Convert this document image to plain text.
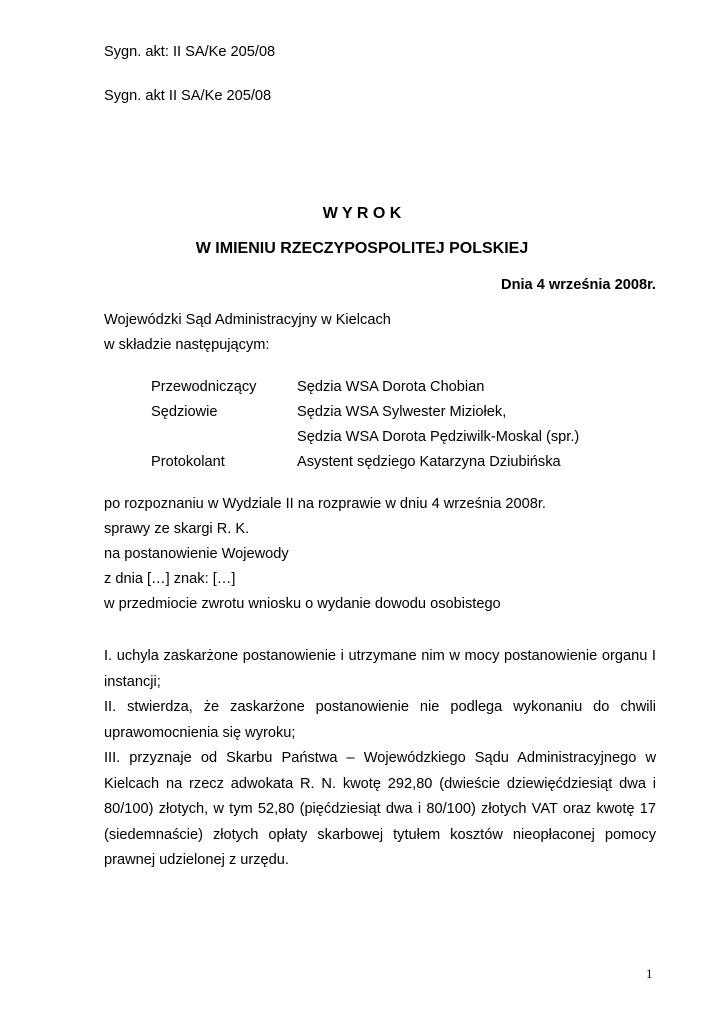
Sygn. akt: II SA/Ke 205/08
Sygn. akt II SA/Ke 205/08
W Y R O K
W IMIENIU RZECZYPOSPOLITEJ POLSKIEJ
Dnia 4 września 2008r.
Wojewódzki Sąd Administracyjny w Kielcach
w składzie następującym:
Przewodniczący	Sędzia WSA Dorota Chobian
Sędziowie	Sędzia WSA Sylwester Miziołek,
Sędzia WSA Dorota Pędziwilk-Moskal (spr.)
Protokolant	Asystent sędziego Katarzyna Dziubińska
po rozpoznaniu w Wydziale II na rozprawie w dniu 4 września 2008r.
sprawy ze skargi R. K.
na postanowienie Wojewody
z dnia […] znak: […]
w przedmiocie zwrotu wniosku o wydanie dowodu osobistego

I. uchyla zaskarżone postanowienie i utrzymane nim w mocy postanowienie organu I instancji;

II. stwierdza, że zaskarżone postanowienie nie podlega wykonaniu do chwili uprawomocnienia się wyroku;

III. przyznaje od Skarbu Państwa – Wojewódzkiego Sądu Administracyjnego w Kielcach na rzecz adwokata R. N. kwotę 292,80 (dwieście dziewięćdziesiąt dwa i 80/100) złotych, w tym 52,80 (pięćdziesiąt dwa i 80/100) złotych VAT oraz kwotę 17 (siedemnaście) złotych opłaty skarbowej tytułem kosztów nieopłaconej pomocy prawnej udzielonej z urzędu.

1
